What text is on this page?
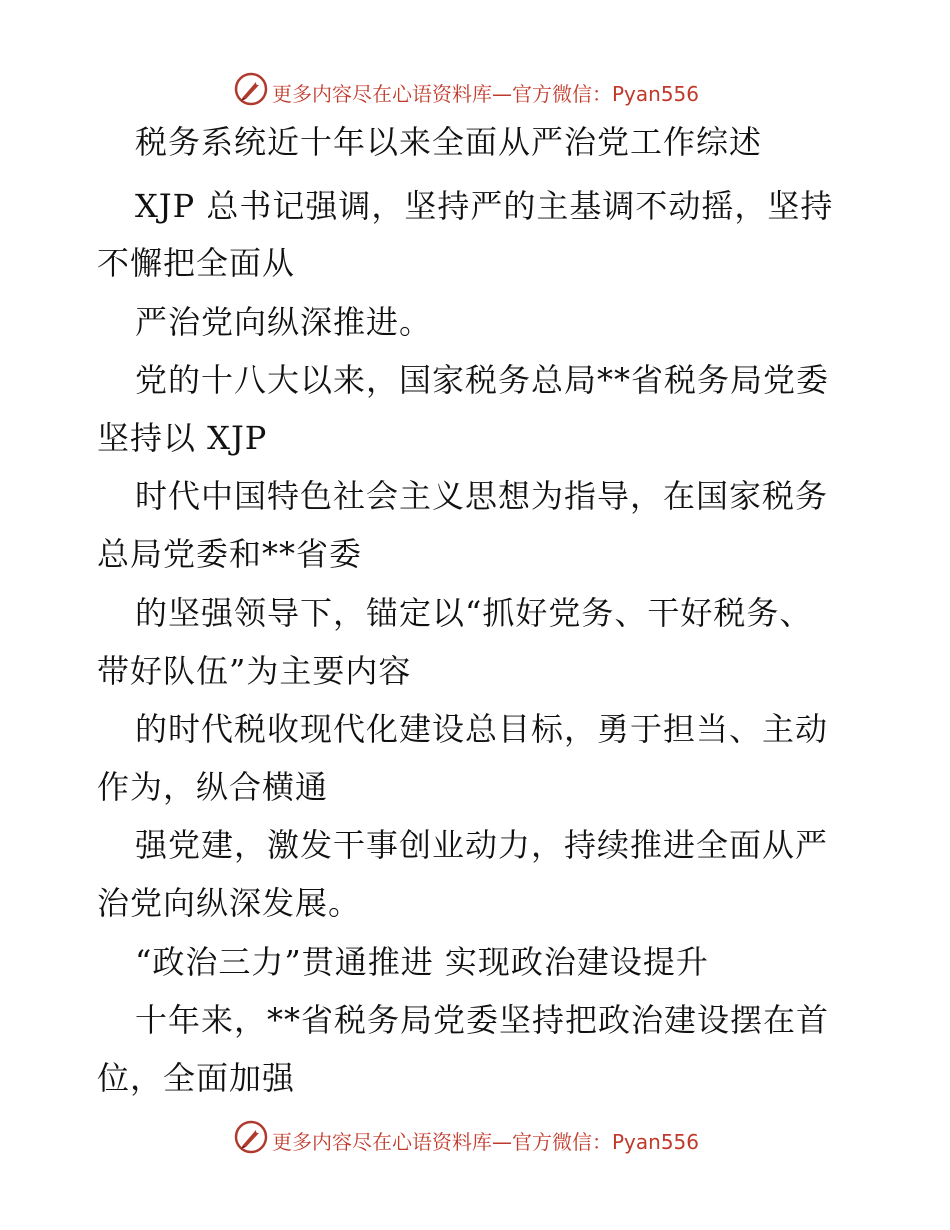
更多内容尽在心语资料库—官方微信：Pyan556
税务系统近十年以来全面从严治党工作综述
XJP 总书记强调，坚持严的主基调不动摇，坚持
不懈把全面从
严治党向纵深推进。
党的十八大以来，国家税务总局**省税务局党委
坚持以 XJP
时代中国特色社会主义思想为指导，在国家税务
总局党委和**省委
的坚强领导下，锚定以“抓好党务、干好税务、
带好队伍”为主要内容
的时代税收现代化建设总目标，勇于担当、主动
作为，纵合横通
强党建，激发干事创业动力，持续推进全面从严
治党向纵深发展。
“政治三力”贯通推进 实现政治建设提升
十年来，**省税务局党委坚持把政治建设摆在首
位，全面加强
更多内容尽在心语资料库—官方微信：Pyan556
